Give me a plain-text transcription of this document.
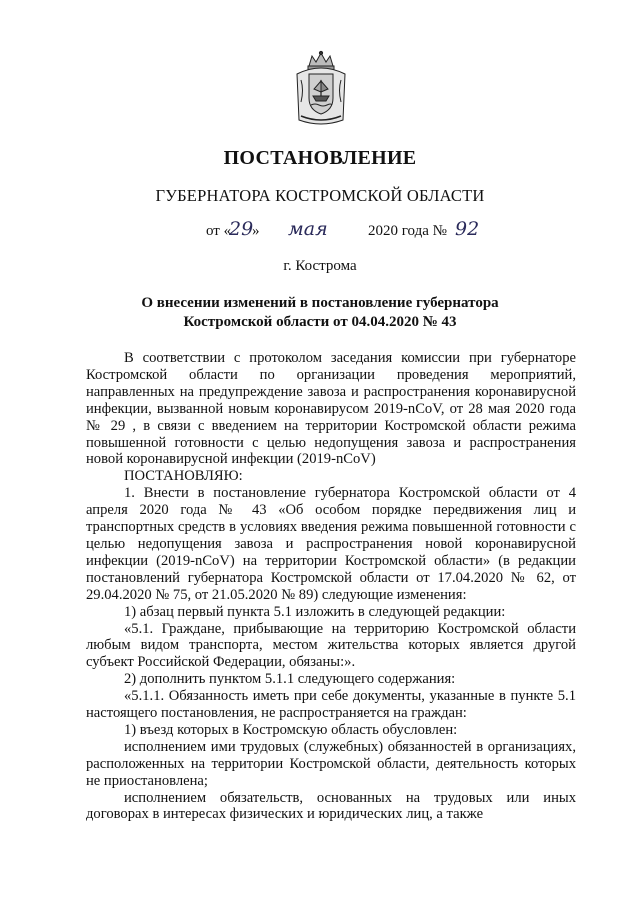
ПОСТАНОВЛЕНИЕ
ГУБЕРНАТОРА КОСТРОМСКОЙ ОБЛАСТИ
от «
29
» мая	2020 года № 92
г. Кострома
О внесении изменений в постановление губернатора
Костромской области от 04.04.2020 № 43

В соответствии с протоколом заседания комиссии при губернаторе Костромской области по организации проведения мероприятий, направленных на предупреждение завоза и распространения коронавирусной инфекции, вызванной новым коронавирусом 2019-nCoV, от 28 мая 2020 года № 29 , в связи с введением на территории Костромской области режима повышенной готовности с целью недопущения завоза и распространения новой коронавирусной инфекции (2019-nCoV)

ПОСТАНОВЛЯЮ:

1. Внести в постановление губернатора Костромской области от 4 апреля 2020 года № 43 «Об особом порядке передвижения лиц и транспортных средств в условиях введения режима повышенной готовности с целью недопущения завоза и распространения новой коронавирусной инфекции (2019-nCoV) на территории Костромской области» (в редакции постановлений губернатора Костромской области от 17.04.2020 № 62, от 29.04.2020 № 75, от 21.05.2020 № 89) следующие изменения:

1) абзац первый пункта 5.1 изложить в следующей редакции:

«5.1. Граждане, прибывающие на территорию Костромской области любым видом транспорта, местом жительства которых является другой субъект Российской Федерации, обязаны:».

2) дополнить пунктом 5.1.1 следующего содержания:

«5.1.1. Обязанность иметь при себе документы, указанные в пункте 5.1 настоящего постановления, не распространяется на граждан:

1) въезд которых в Костромскую область обусловлен:

исполнением ими трудовых (служебных) обязанностей в организациях, расположенных на территории Костромской области, деятельность которых не приостановлена;

исполнением обязательств, основанных на трудовых или иных договорах в интересах физических и юридических лиц, а также
